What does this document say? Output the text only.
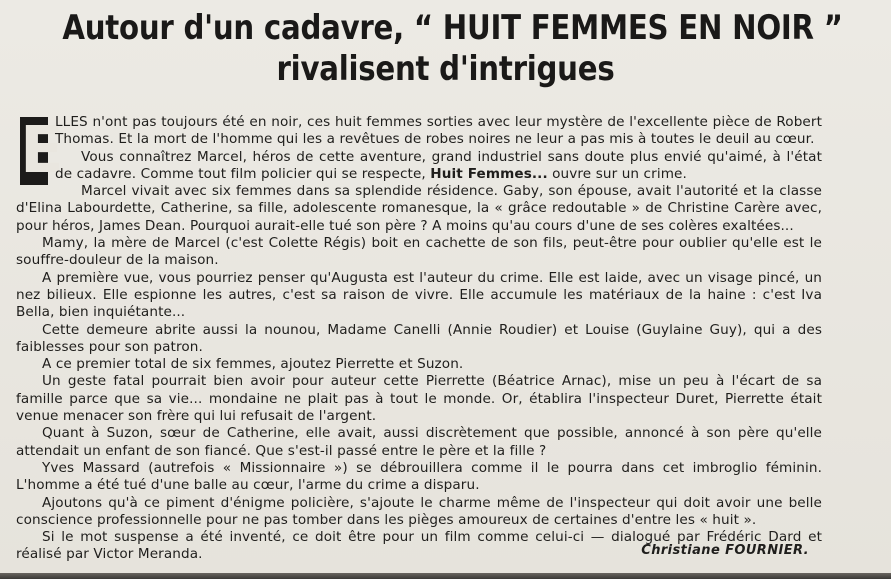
Autour d'un cadavre, “ HUIT FEMMES EN NOIR ”
rivalisent d'intrigues

E
LLES n'ont pas toujours été en noir, ces huit femmes sorties avec leur mystère de l'excellente pièce de Robert Thomas. Et la mort de l'homme qui les a revêtues de robes noires ne leur a pas mis à toutes le deuil au cœur.

Vous connaîtrez Marcel, héros de cette aventure, grand industriel sans doute plus envié qu'aimé, à l'état de cadavre. Comme tout film policier qui se respecte, Huit Femmes... ouvre sur un crime.

Marcel vivait avec six femmes dans sa splendide résidence. Gaby, son épouse, avait l'autorité et la classe d'Elina Labourdette, Catherine, sa fille, adolescente romanesque, la « grâce redoutable » de Christine Carère avec, pour héros, James Dean. Pourquoi aurait-elle tué son père ? A moins qu'au cours d'une de ses colères exaltées...

Mamy, la mère de Marcel (c'est Colette Régis) boit en cachette de son fils, peut-être pour oublier qu'elle est le souffre-douleur de la maison.

A première vue, vous pourriez penser qu'Augusta est l'auteur du crime. Elle est laide, avec un visage pincé, un nez bilieux. Elle espionne les autres, c'est sa raison de vivre. Elle accumule les matériaux de la haine : c'est Iva Bella, bien inquiétante...

Cette demeure abrite aussi la nounou, Madame Canelli (Annie Roudier) et Louise (Guylaine Guy), qui a des faiblesses pour son patron.

A ce premier total de six femmes, ajoutez Pierrette et Suzon.

Un geste fatal pourrait bien avoir pour auteur cette Pierrette (Béatrice Arnac), mise un peu à l'écart de sa famille parce que sa vie... mondaine ne plait pas à tout le monde. Or, établira l'inspecteur Duret, Pierrette était venue menacer son frère qui lui refusait de l'argent.

Quant à Suzon, sœur de Catherine, elle avait, aussi discrètement que possible, annoncé à son père qu'elle attendait un enfant de son fiancé. Que s'est-il passé entre le père et la fille ?

Yves Massard (autrefois « Missionnaire ») se débrouillera comme il le pourra dans cet imbroglio féminin. L'homme a été tué d'une balle au cœur, l'arme du crime a disparu.

Ajoutons qu'à ce piment d'énigme policière, s'ajoute le charme même de l'inspecteur qui doit avoir une belle conscience professionnelle pour ne pas tomber dans les pièges amoureux de certaines d'entre les « huit ».

Si le mot suspense a été inventé, ce doit être pour un film comme celui-ci — dialogué par Frédéric Dard et réalisé par Victor Meranda.	Christiane FOURNIER.
